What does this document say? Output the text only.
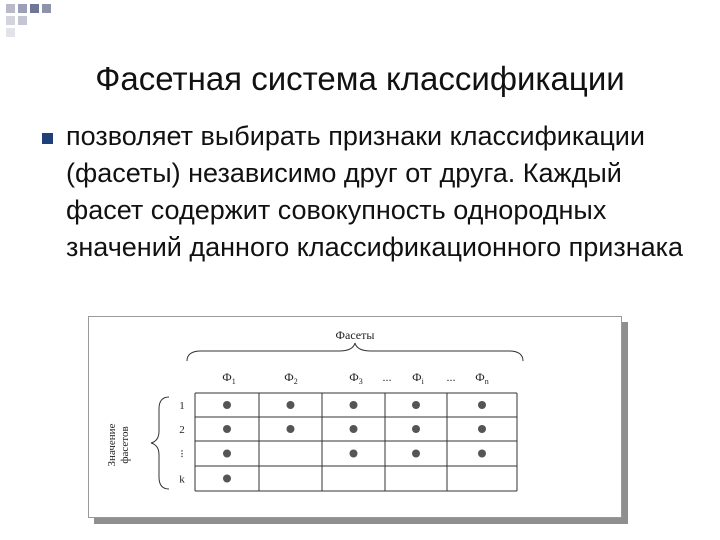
Фасетная система классификации
позволяет выбирать признаки классификации (фасеты) независимо друг от друга. Каждый фасет содержит совокупность однородных значений данного классификационного признака
Фасеты
$Ф_1$	$Ф_2$	$Ф_3$ ... $Ф_i$ ... $Ф_n$
1
2
⁝
k
Значение фасетов
